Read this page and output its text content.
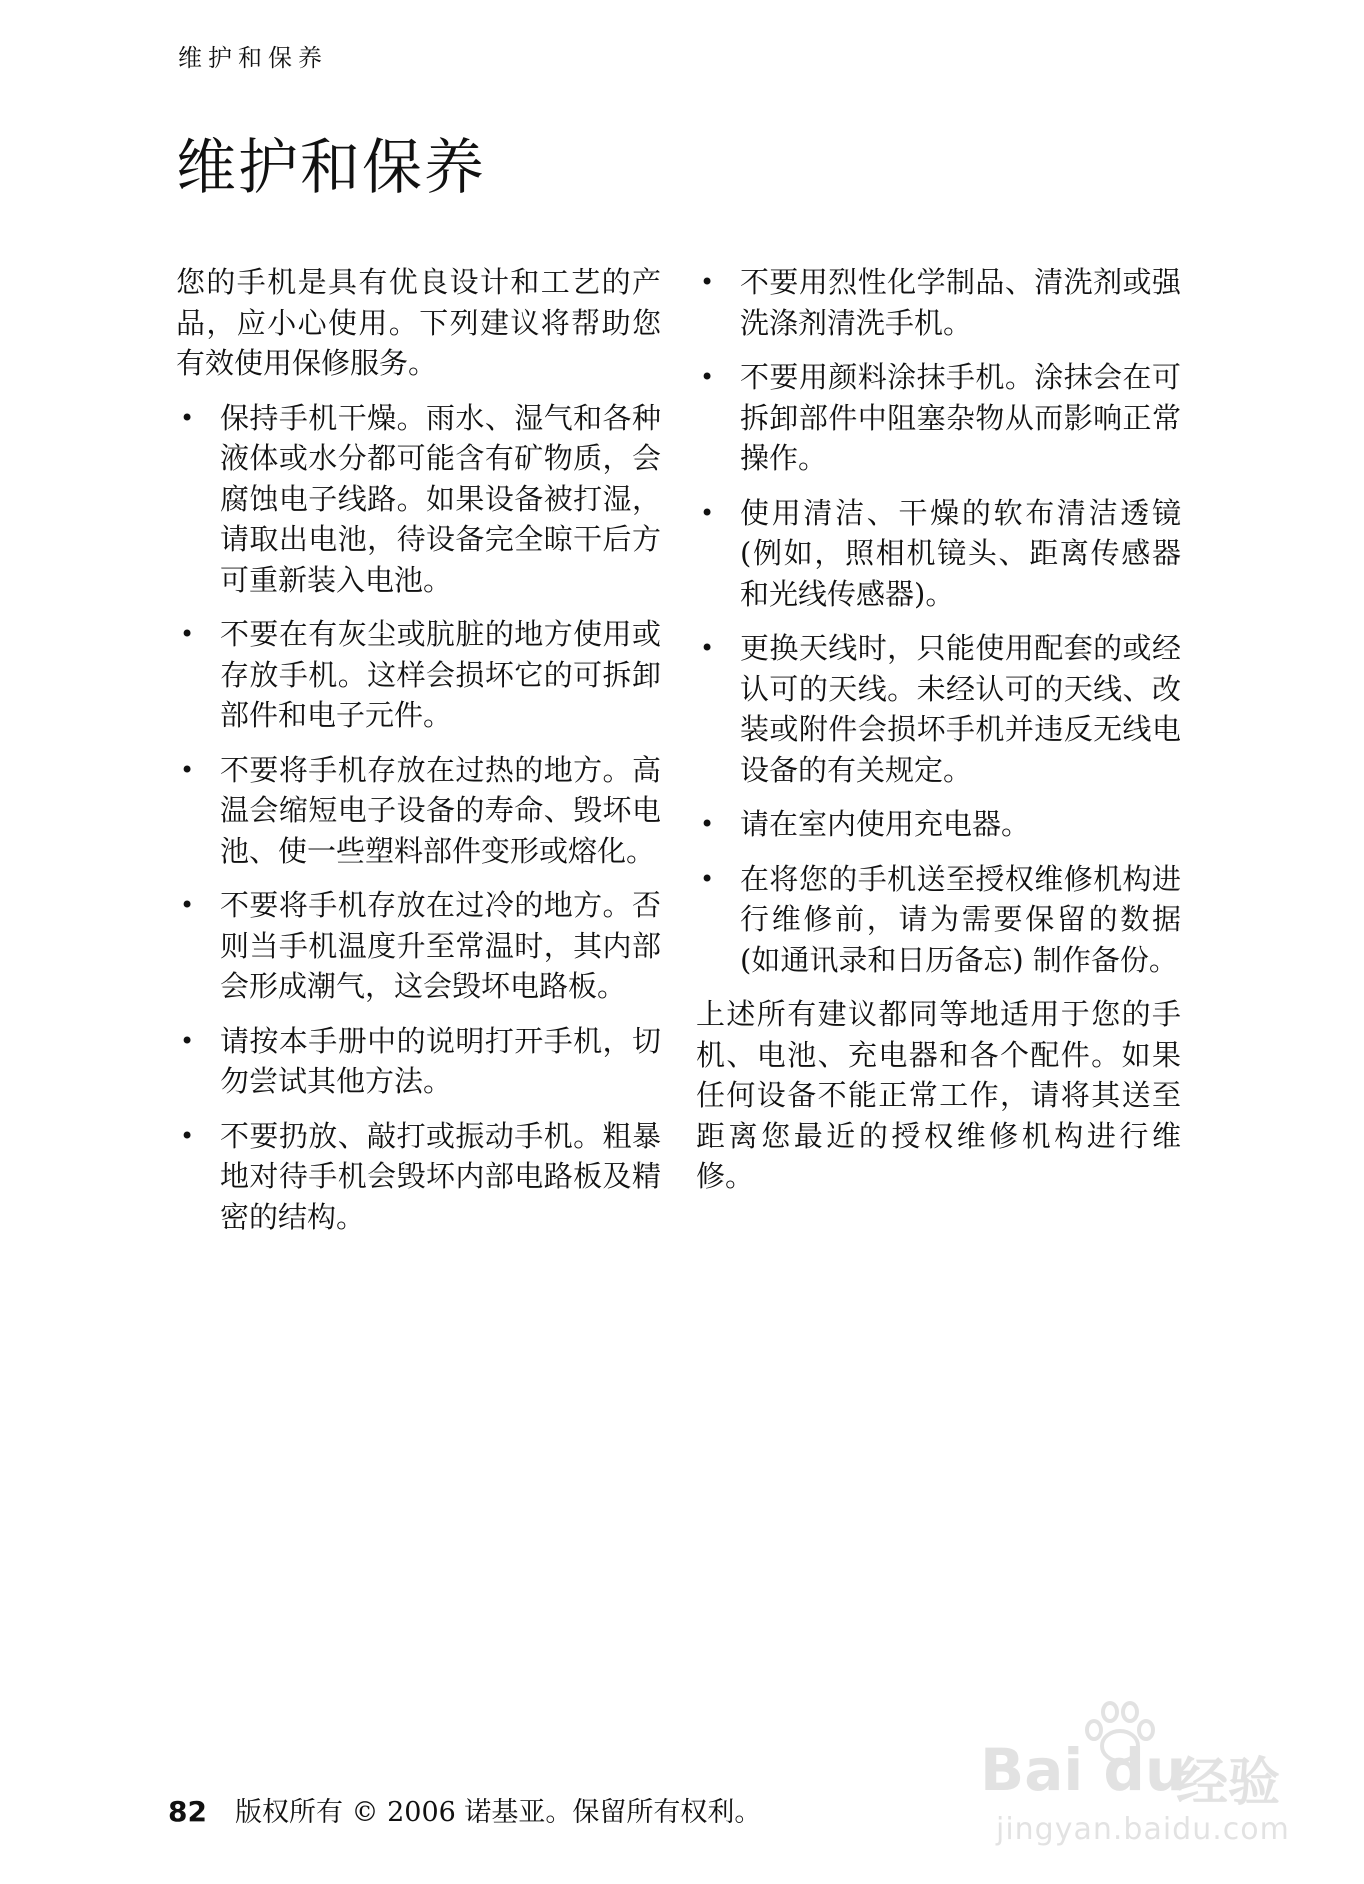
维护和保养
维护和保养

您的手机是具有优良设计和工艺的产品，应小心使用。下列建议将帮助您有效使用保修服务。

• 保持手机干燥。雨水、湿气和各种液体或水分都可能含有矿物质，会腐蚀电子线路。如果设备被打湿，请取出电池，待设备完全晾干后方可重新装入电池。
• 不要在有灰尘或肮脏的地方使用或存放手机。这样会损坏它的可拆卸部件和电子元件。
• 不要将手机存放在过热的地方。高温会缩短电子设备的寿命、毁坏电池、使一些塑料部件变形或熔化。
• 不要将手机存放在过冷的地方。否则当手机温度升至常温时，其内部会形成潮气，这会毁坏电路板。
• 请按本手册中的说明打开手机，切勿尝试其他方法。
• 不要扔放、敲打或振动手机。粗暴地对待手机会毁坏内部电路板及精密的结构。
• 不要用烈性化学制品、清洗剂或强洗涤剂清洗手机。
• 不要用颜料涂抹手机。涂抹会在可拆卸部件中阻塞杂物从而影响正常操作。
• 使用清洁、干燥的软布清洁透镜 (例如，照相机镜头、距离传感器和光线传感器)。
• 更换天线时，只能使用配套的或经认可的天线。未经认可的天线、改装或附件会损坏手机并违反无线电设备的有关规定。
• 请在室内使用充电器。
• 在将您的手机送至授权维修机构进行维修前，请为需要保留的数据 (如通讯录和日历备忘) 制作备份。

上述所有建议都同等地适用于您的手机、电池、充电器和各个配件。如果任何设备不能正常工作，请将其送至距离您最近的授权维修机构进行维修。

82 版权所有 © 2006 诺基亚。保留所有权利。
Bai du
经验
jingyan.baidu.com
